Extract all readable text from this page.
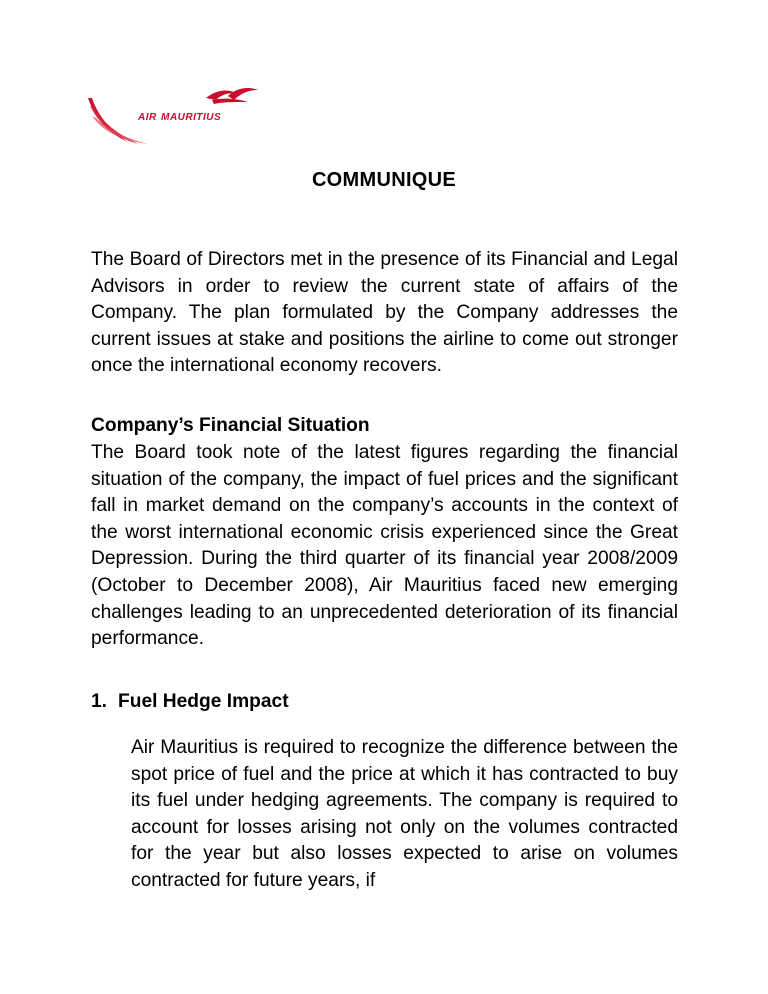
air mauritius
COMMUNIQUE

The Board of Directors met in the presence of its Financial and Legal Advisors in order to review the current state of affairs of the Company. The plan formulated by the Company addresses the current issues at stake and positions the airline to come out stronger once the international economy recovers.

Company’s Financial Situation

The Board took note of the latest figures regarding the financial situation of the company, the impact of fuel prices and the significant fall in market demand on the company’s accounts in the context of the worst international economic crisis experienced since the Great Depression. During the third quarter of its financial year 2008/2009 (October to December 2008), Air Mauritius faced new emerging challenges leading to an unprecedented deterioration of its financial performance.

1. Fuel Hedge Impact

Air Mauritius is required to recognize the difference between the spot price of fuel and the price at which it has contracted to buy its fuel under hedging agreements. The company is required to account for losses arising not only on the volumes contracted for the year but also losses expected to arise on volumes contracted for future years, if
